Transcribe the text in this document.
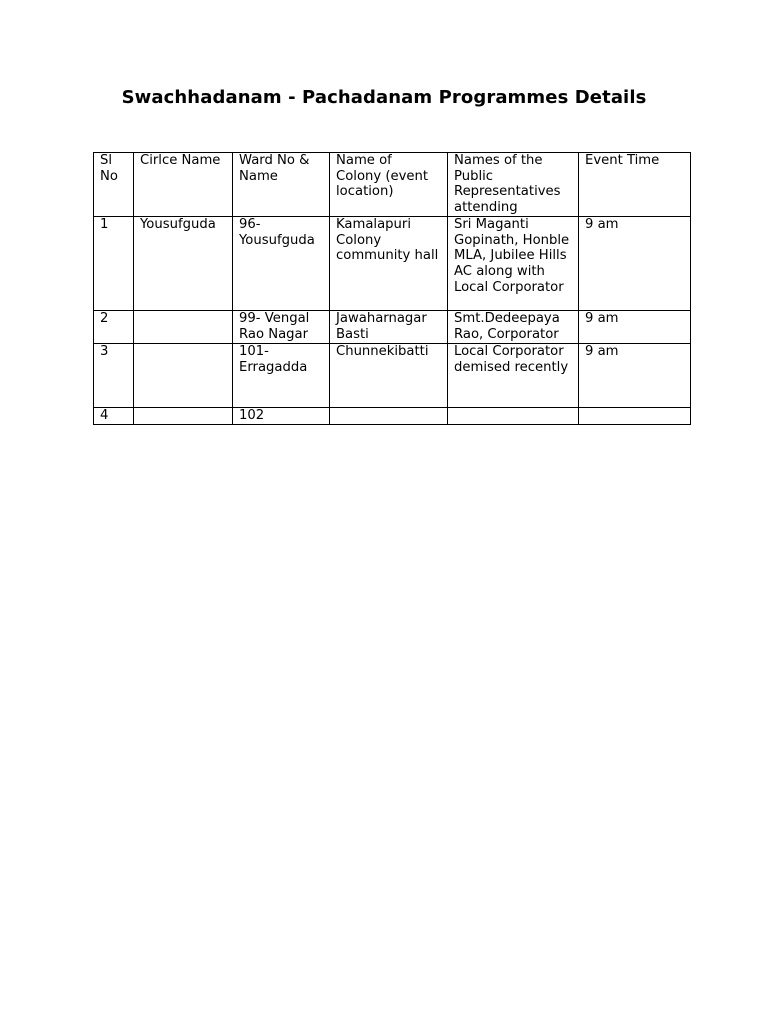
Swachhadanam - Pachadanam Programmes Details
Sl No	Cirlce Name	Ward No & Name	Name of Colony (event location)	Names of the Public Representatives attending	Event Time
1	Yousufguda	96- Yousufguda	Kamalapuri Colony community hall	Sri Maganti Gopinath, Honble MLA, Jubilee Hills AC along with Local Corporator	9 am
2		99- Vengal Rao Nagar	Jawaharnagar Basti	Smt.Dedeepaya Rao, Corporator	9 am
3		101- Erragadda	Chunnekibatti	Local Corporator demised recently	9 am
4		102			
